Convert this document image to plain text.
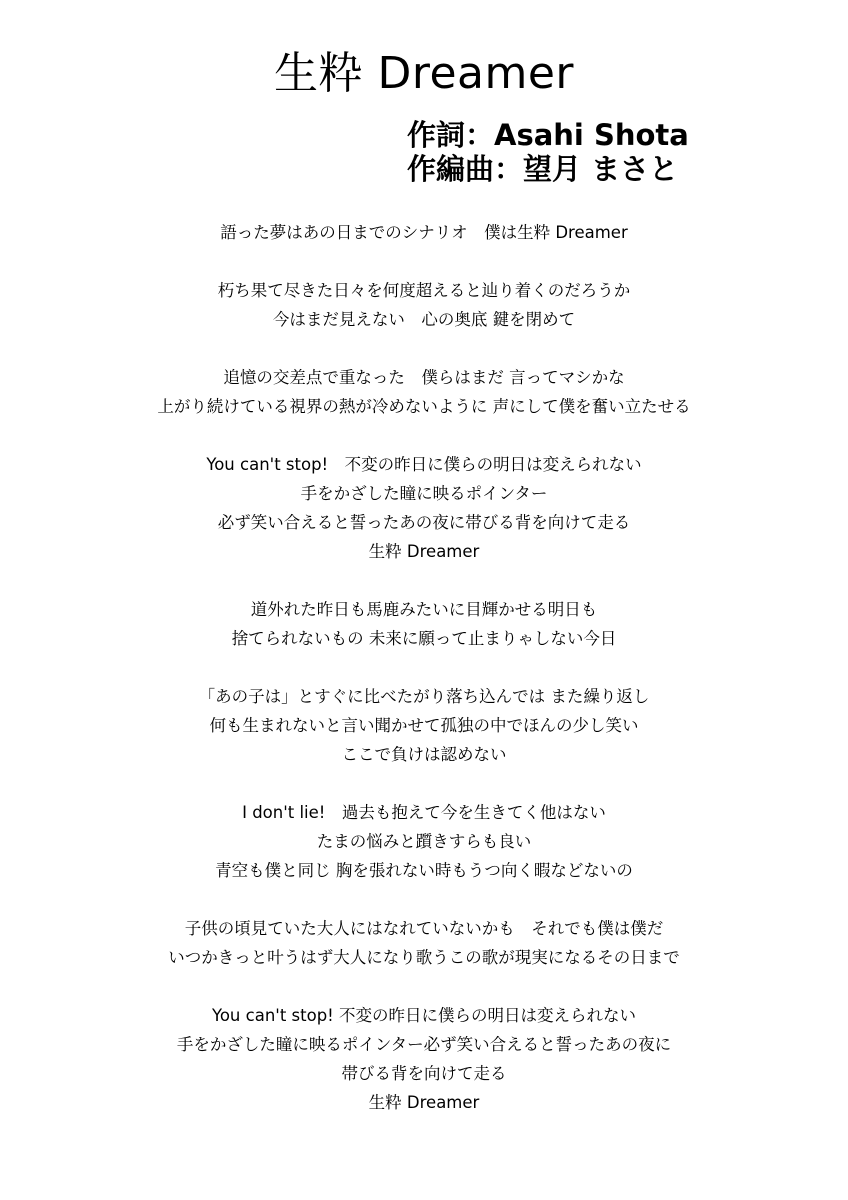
生粋 Dreamer
作詞：Asahi Shota
作編曲：望月 まさと
語った夢はあの日までのシナリオ　僕は生粋 Dreamer
朽ち果て尽きた日々を何度超えると辿り着くのだろうか
今はまだ見えない　心の奥底 鍵を閉めて
追憶の交差点で重なった　僕らはまだ 言ってマシかな
上がり続けている視界の熱が冷めないように 声にして僕を奮い立たせる
You can't stop!　不変の昨日に僕らの明日は変えられない
手をかざした瞳に映るポインター
必ず笑い合えると誓ったあの夜に帯びる背を向けて走る
生粋 Dreamer
道外れた昨日も馬鹿みたいに目輝かせる明日も
捨てられないもの 未来に願って止まりゃしない今日
「あの子は」とすぐに比べたがり落ち込んでは また繰り返し
何も生まれないと言い聞かせて孤独の中でほんの少し笑い
ここで負けは認めない
I don't lie!　過去も抱えて今を生きてく他はない
たまの悩みと躓きすらも良い
青空も僕と同じ 胸を張れない時もうつ向く暇などないの
子供の頃見ていた大人にはなれていないかも　それでも僕は僕だ
いつかきっと叶うはず大人になり歌うこの歌が現実になるその日まで
You can't stop! 不変の昨日に僕らの明日は変えられない
手をかざした瞳に映るポインター必ず笑い合えると誓ったあの夜に
帯びる背を向けて走る
生粋 Dreamer
